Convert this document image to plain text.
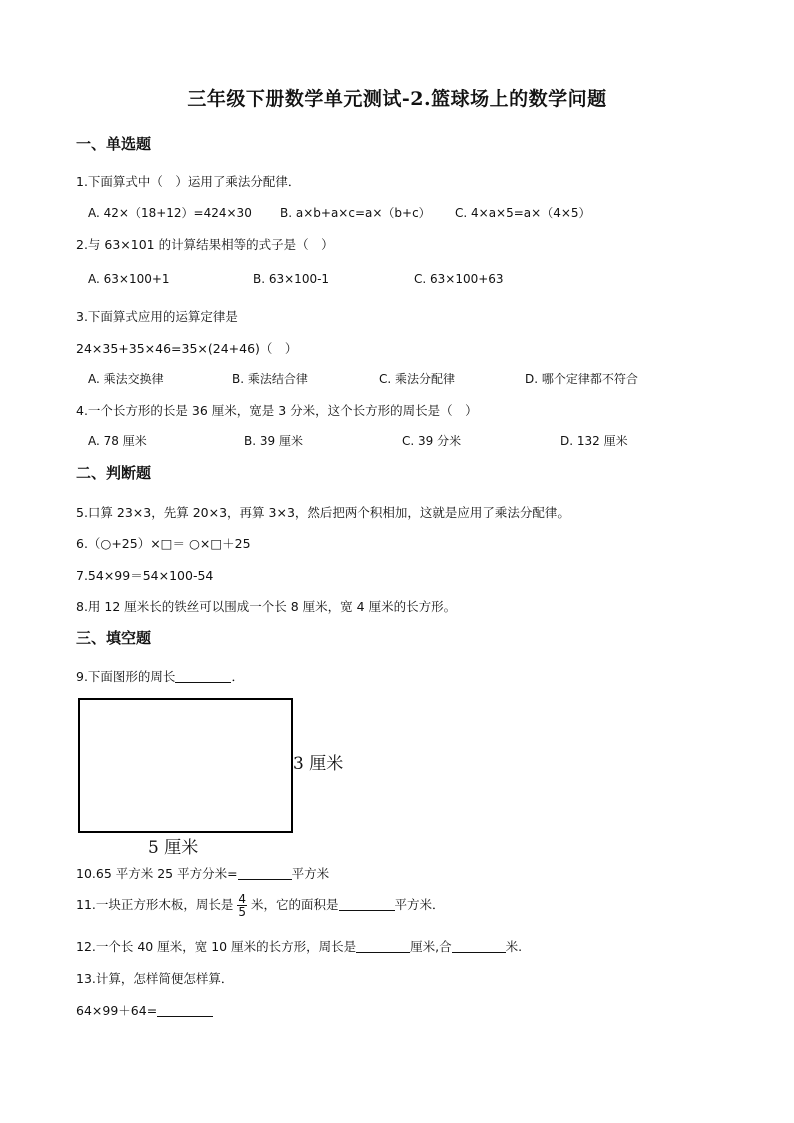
三年级下册数学单元测试-2.篮球场上的数学问题
一、单选题
1.下面算式中（　）运用了乘法分配律．
A. 42×（18+12）=424×30 B. a×b+a×c=a×（b+c） C. 4×a×5=a×（4×5）
2.与 63×101 的计算结果相等的式子是（　）
A. 63×100+1	B. 63×100-1	C. 63×100+63
3.下面算式应用的运算定律是
24×35+35×46=35×(24+46)（　）
A. 乘法交换律	B. 乘法结合律	C. 乘法分配律	D. 哪个定律都不符合
4.一个长方形的长是 36 厘米，宽是 3 分米，这个长方形的周长是（　）
A. 78 厘米	B. 39 厘米	C. 39 分米	D. 132 厘米
二、判断题
5.口算 23×3，先算 20×3，再算 3×3，然后把两个积相加，这就是应用了乘法分配律。
6.（○+25）×□＝ ○×□＋25
7.54×99＝54×100-54
8.用 12 厘米长的铁丝可以围成一个长 8 厘米，宽 4 厘米的长方形。
三、填空题
9.下面图形的周长	．
3 厘米
5 厘米
10.65 平方米 25 平方分米=	平方米
11.一块正方形木板，周长是 $\frac{4}{5}$ 米，它的面积是	平方米．
12.一个长 40 厘米，宽 10 厘米的长方形，周长是	厘米,合	米.
13.计算，怎样简便怎样算．
64×99＋64=
